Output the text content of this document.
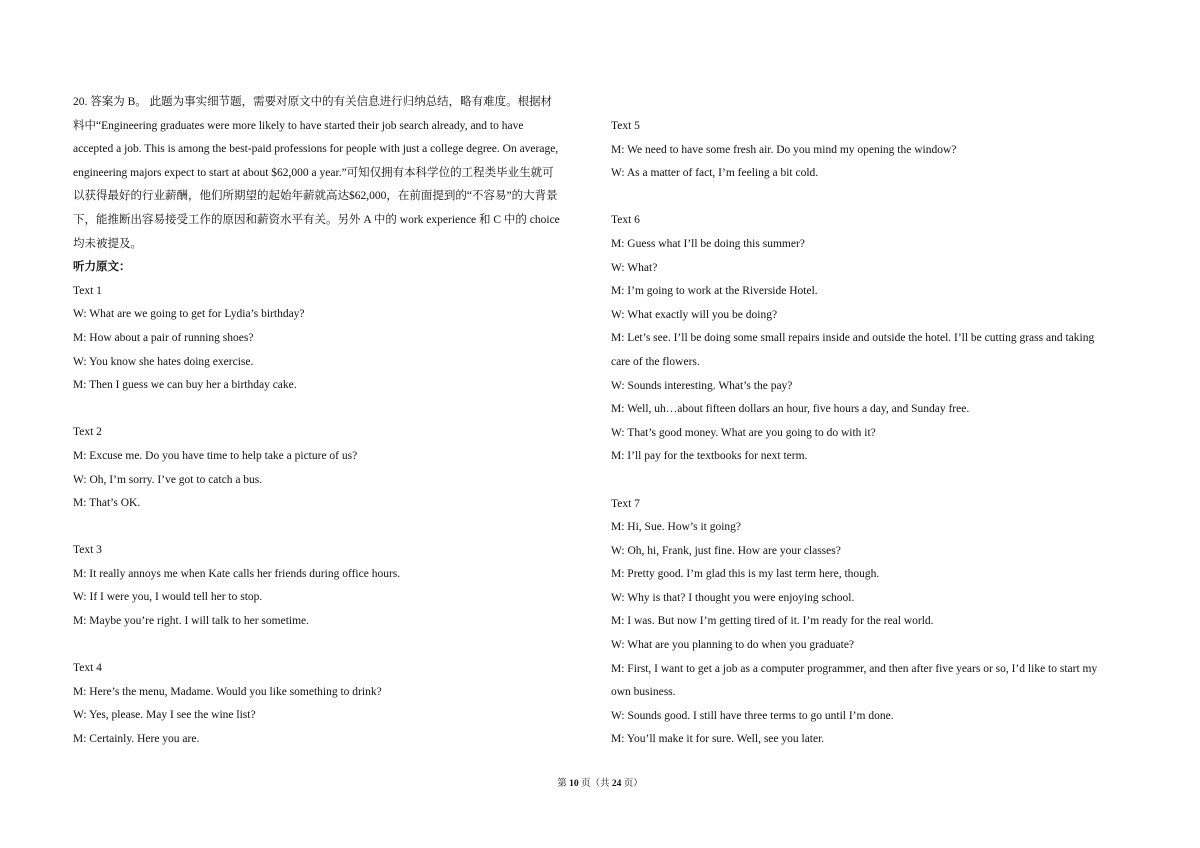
20. 答案为 B。 此题为事实细节题，需要对原文中的有关信息进行归纳总结，略有难度。根据材
料中“Engineering graduates were more likely to have started their job search already, and to have
accepted a job. This is among the best-paid professions for people with just a college degree. On average,
engineering majors expect to start at about $62,000 a year.”可知仅拥有本科学位的工程类毕业生就可
以获得最好的行业薪酬，他们所期望的起始年薪就高达$62,000，在前面提到的“不容易”的大背景
下，能推断出容易接受工作的原因和薪资水平有关。另外 A 中的 work experience 和 C 中的 choice
均未被提及。
听力原文：
Text 1
W: What are we going to get for Lydia’s birthday?
M: How about a pair of running shoes?
W: You know she hates doing exercise.
M: Then I guess we can buy her a birthday cake.
Text 2
M: Excuse me. Do you have time to help take a picture of us?
W: Oh, I’m sorry. I’ve got to catch a bus.
M: That’s OK.
Text 3
M: It really annoys me when Kate calls her friends during office hours.
W: If I were you, I would tell her to stop.
M: Maybe you’re right. I will talk to her sometime.
Text 4
M: Here’s the menu, Madame. Would you like something to drink?
W: Yes, please. May I see the wine list?
M: Certainly. Here you are.
Text 5
M: We need to have some fresh air. Do you mind my opening the window?
W: As a matter of fact, I’m feeling a bit cold.
Text 6
M: Guess what I’ll be doing this summer?
W: What?
M: I’m going to work at the Riverside Hotel.
W: What exactly will you be doing?
M: Let’s see. I’ll be doing some small repairs inside and outside the hotel. I’ll be cutting grass and taking
care of the flowers.
W: Sounds interesting. What’s the pay?
M: Well, uh…about fifteen dollars an hour, five hours a day, and Sunday free.
W: That’s good money. What are you going to do with it?
M: I’ll pay for the textbooks for next term.
Text 7
M: Hi, Sue. How’s it going?
W: Oh, hi, Frank, just fine. How are your classes?
M: Pretty good. I’m glad this is my last term here, though.
W: Why is that? I thought you were enjoying school.
M: I was. But now I’m getting tired of it. I’m ready for the real world.
W: What are you planning to do when you graduate?
M: First, I want to get a job as a computer programmer, and then after five years or so, I’d like to start my
own business.
W: Sounds good. I still have three terms to go until I’m done.
M: You’ll make it for sure. Well, see you later.
第 10 页（共 24 页）
